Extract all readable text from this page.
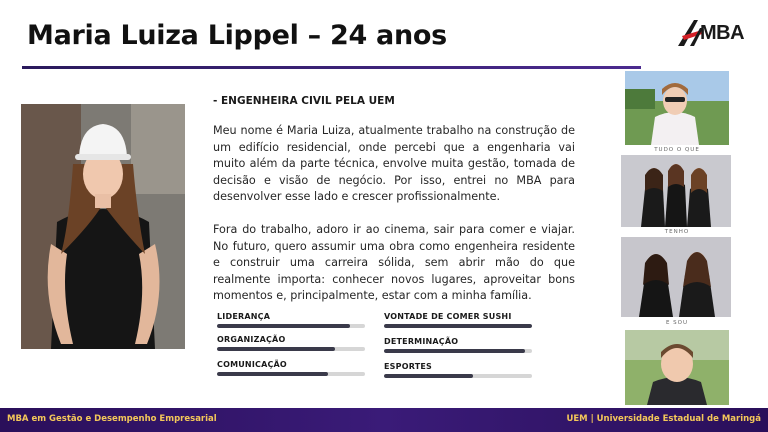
Maria Luiza Lippel – 24 anos	MBA
- ENGENHEIRA CIVIL PELA UEM

Meu nome é Maria Luiza, atualmente trabalho na construção de um edifício residencial, onde percebi que a engenharia vai muito além da parte técnica, envolve muita gestão, tomada de decisão e visão de negócio. Por isso, entrei no MBA para desenvolver esse lado e crescer profissionalmente.

Fora do trabalho, adoro ir ao cinema, sair para comer e viajar. No futuro, quero assumir uma obra como engenheira residente e construir uma carreira sólida, sem abrir mão do que realmente importa: conhecer novos lugares, aproveitar bons momentos e, principalmente, estar com a minha família.

LIDERANÇA
ORGANIZAÇÃO
COMUNICAÇÃO
VONTADE DE COMER SUSHI
DETERMINAÇÃO
ESPORTES
TUDO O QUE
TENHO
E SOU
MBA em Gestão e Desempenho Empresarial	UEM | Universidade Estadual de Maringá
